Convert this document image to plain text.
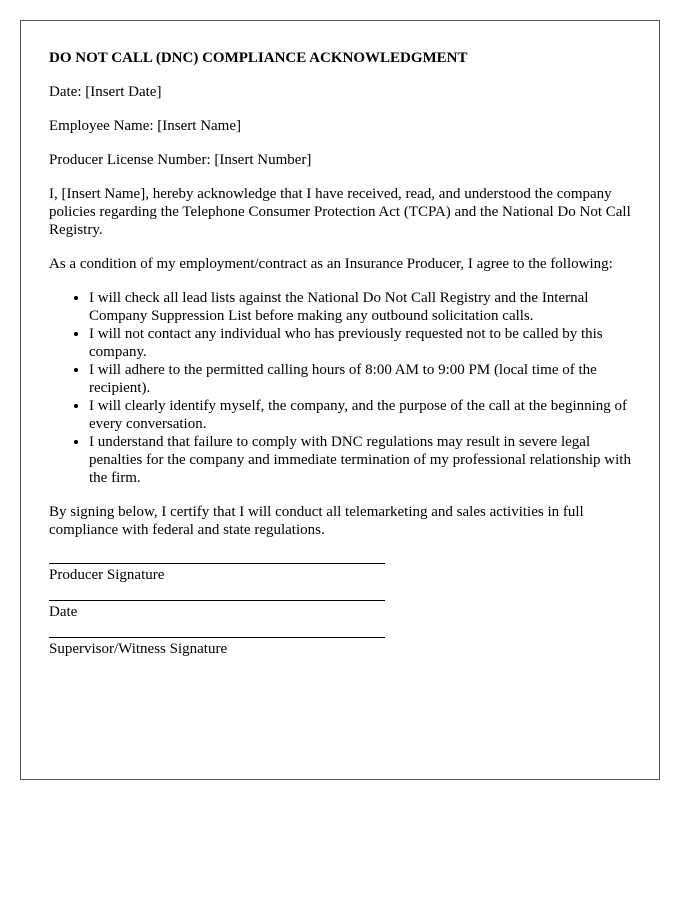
DO NOT CALL (DNC) COMPLIANCE ACKNOWLEDGMENT
Date: [Insert Date]
Employee Name: [Insert Name]
Producer License Number: [Insert Number]

I, [Insert Name], hereby acknowledge that I have received, read, and understood the company policies regarding the Telephone Consumer Protection Act (TCPA) and the National Do Not Call Registry.

As a condition of my employment/contract as an Insurance Producer, I agree to the following:

• I will check all lead lists against the National Do Not Call Registry and the Internal Company Suppression List before making any outbound solicitation calls.
• I will not contact any individual who has previously requested not to be called by this company.
• I will adhere to the permitted calling hours of 8:00 AM to 9:00 PM (local time of the recipient).
• I will clearly identify myself, the company, and the purpose of the call at the beginning of every conversation.
• I understand that failure to comply with DNC regulations may result in severe legal penalties for the company and immediate termination of my professional relationship with the firm.

By signing below, I certify that I will conduct all telemarketing and sales activities in full compliance with federal and state regulations.

Producer Signature
Date
Supervisor/Witness Signature
